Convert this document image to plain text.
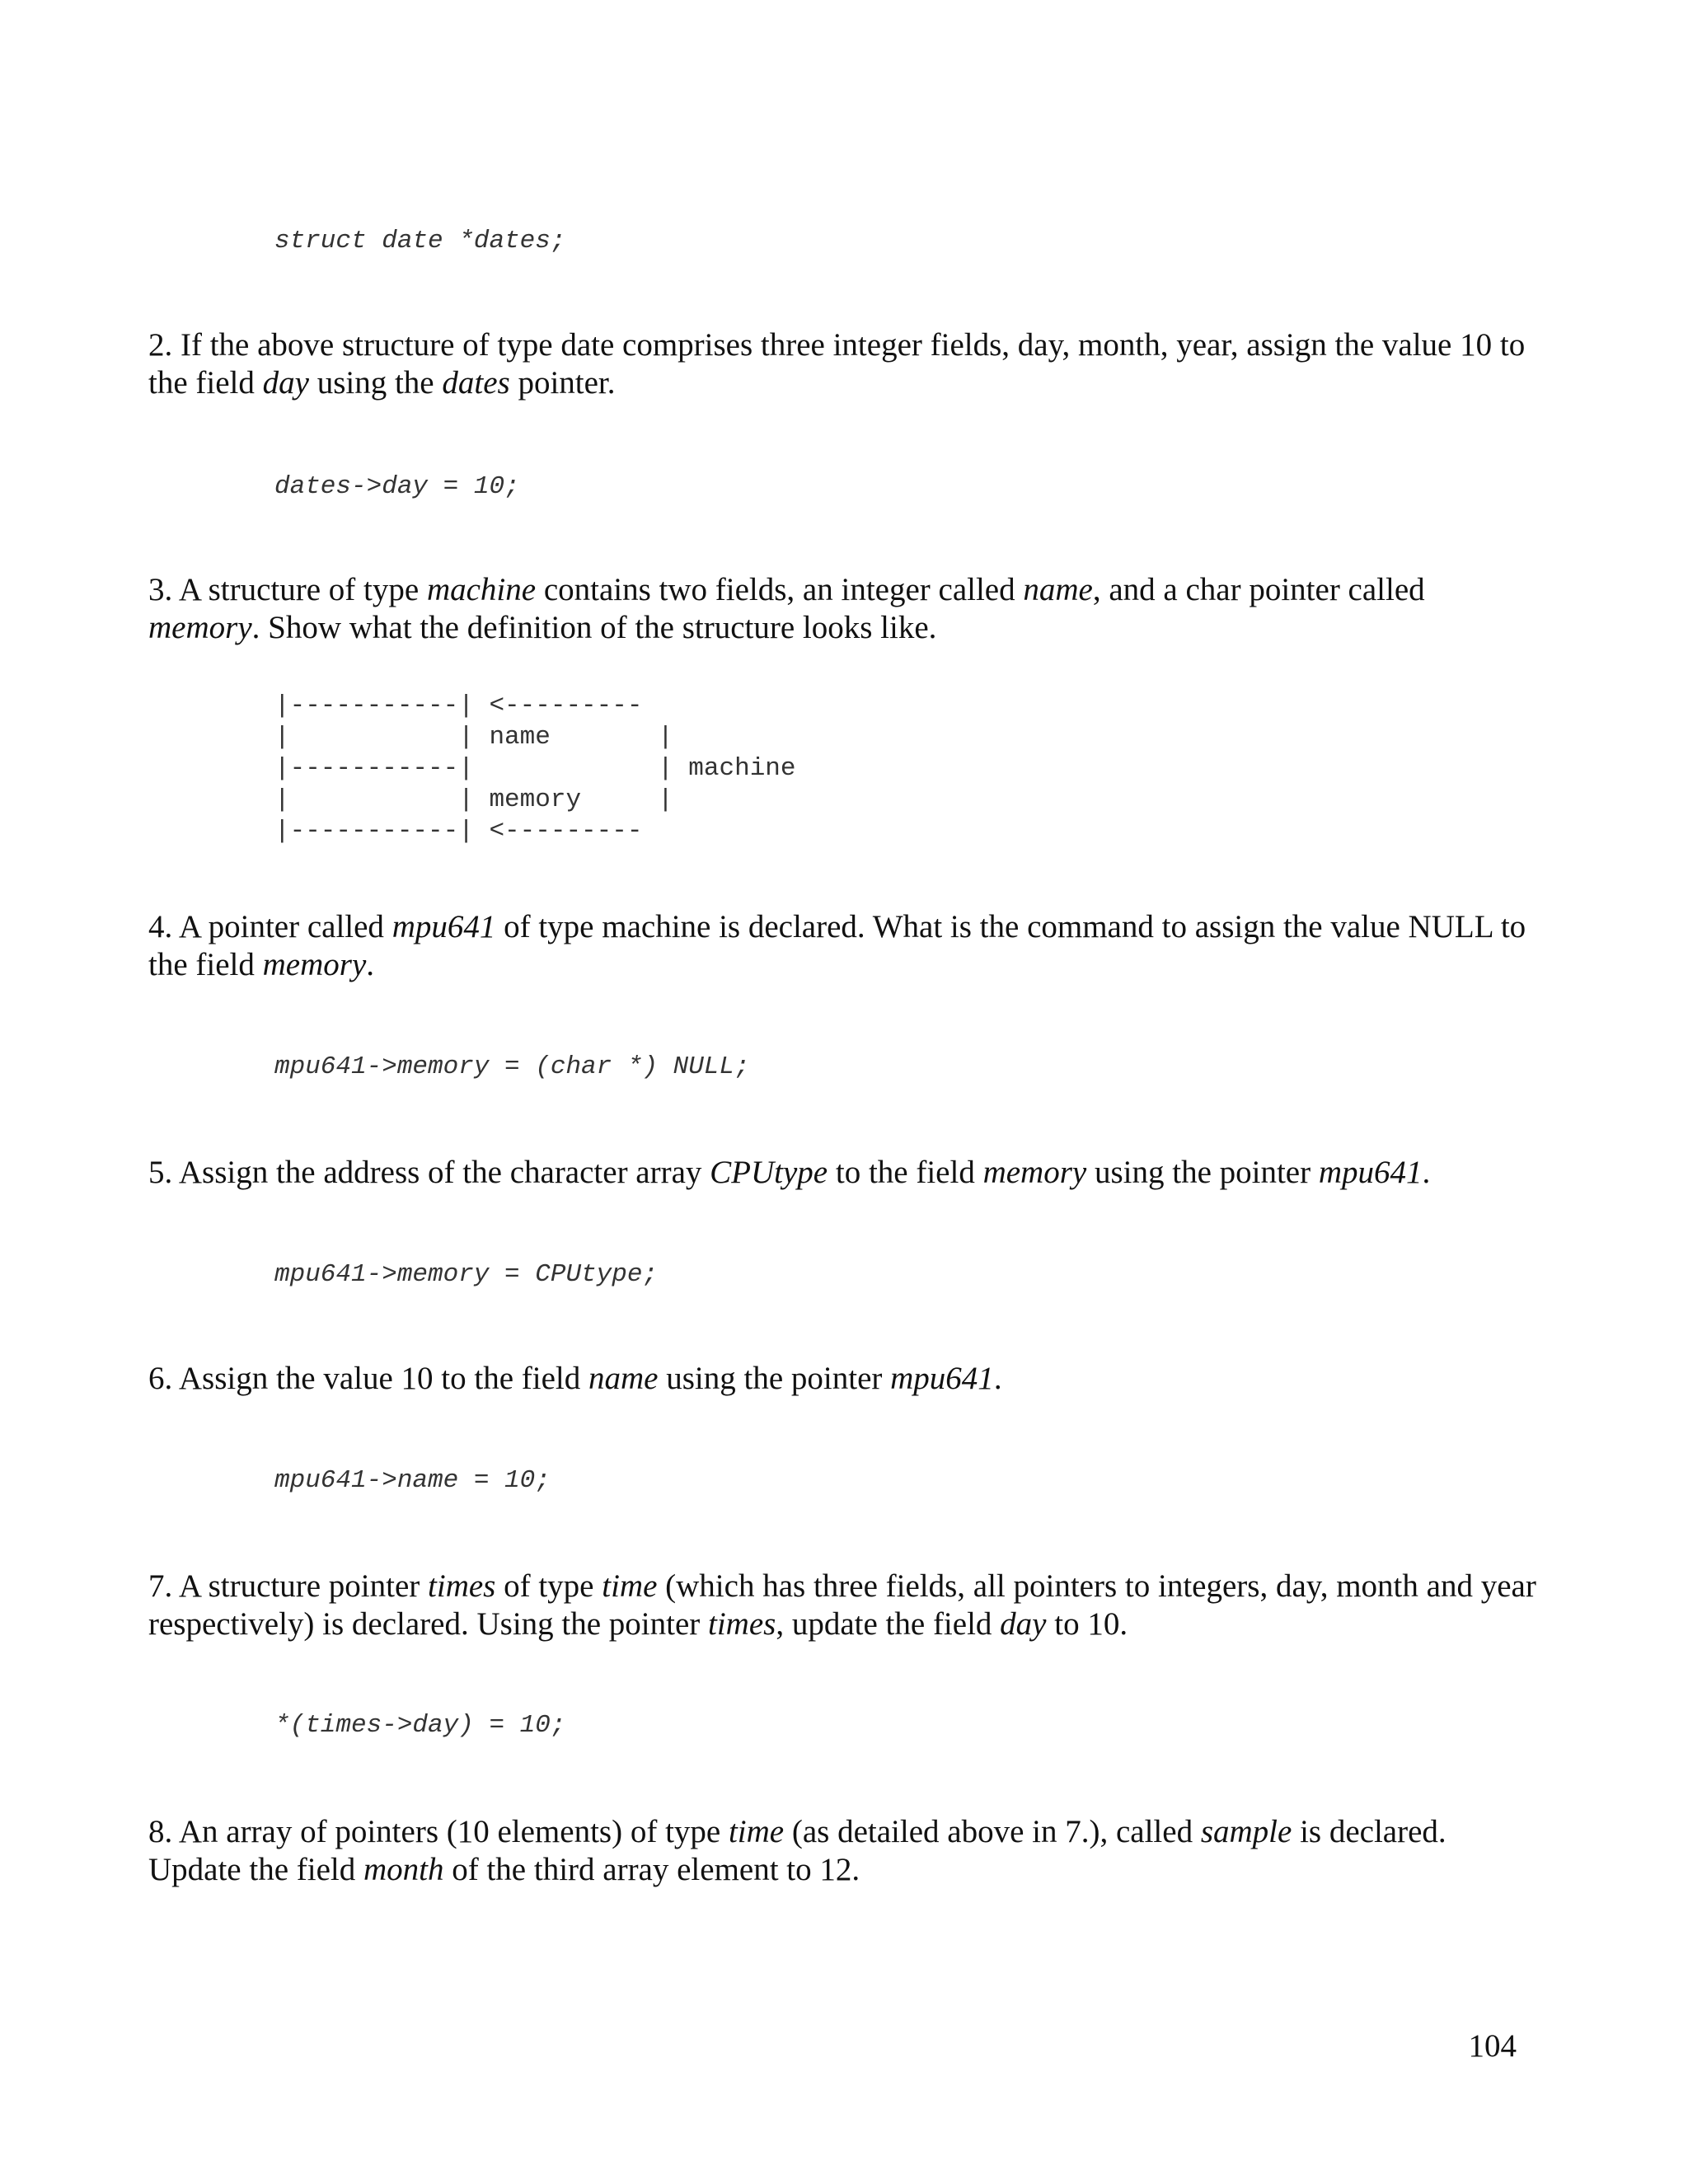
struct date *dates;

2. If the above structure of type date comprises three integer fields, day, month, year, assign the value 10 to the field day using the dates pointer.

dates->day = 10;

3. A structure of type machine contains two fields, an integer called name, and a char pointer called memory. Show what the definition of the structure looks like.

|-----------| <---------
|           | name       |
|-----------|            | machine
|           | memory     |
|-----------| <---------

4. A pointer called mpu641 of type machine is declared. What is the command to assign the value NULL to the field memory.

mpu641->memory = (char *) NULL;

5. Assign the address of the character array CPUtype to the field memory using the pointer mpu641.

mpu641->memory = CPUtype;

6. Assign the value 10 to the field name using the pointer mpu641.

mpu641->name = 10;

7. A structure pointer times of type time (which has three fields, all pointers to integers, day, month and year respectively) is declared. Using the pointer times, update the field day to 10.

*(times->day) = 10;

8. An array of pointers (10 elements) of type time (as detailed above in 7.), called sample is declared. Update the field month of the third array element to 12.

104
